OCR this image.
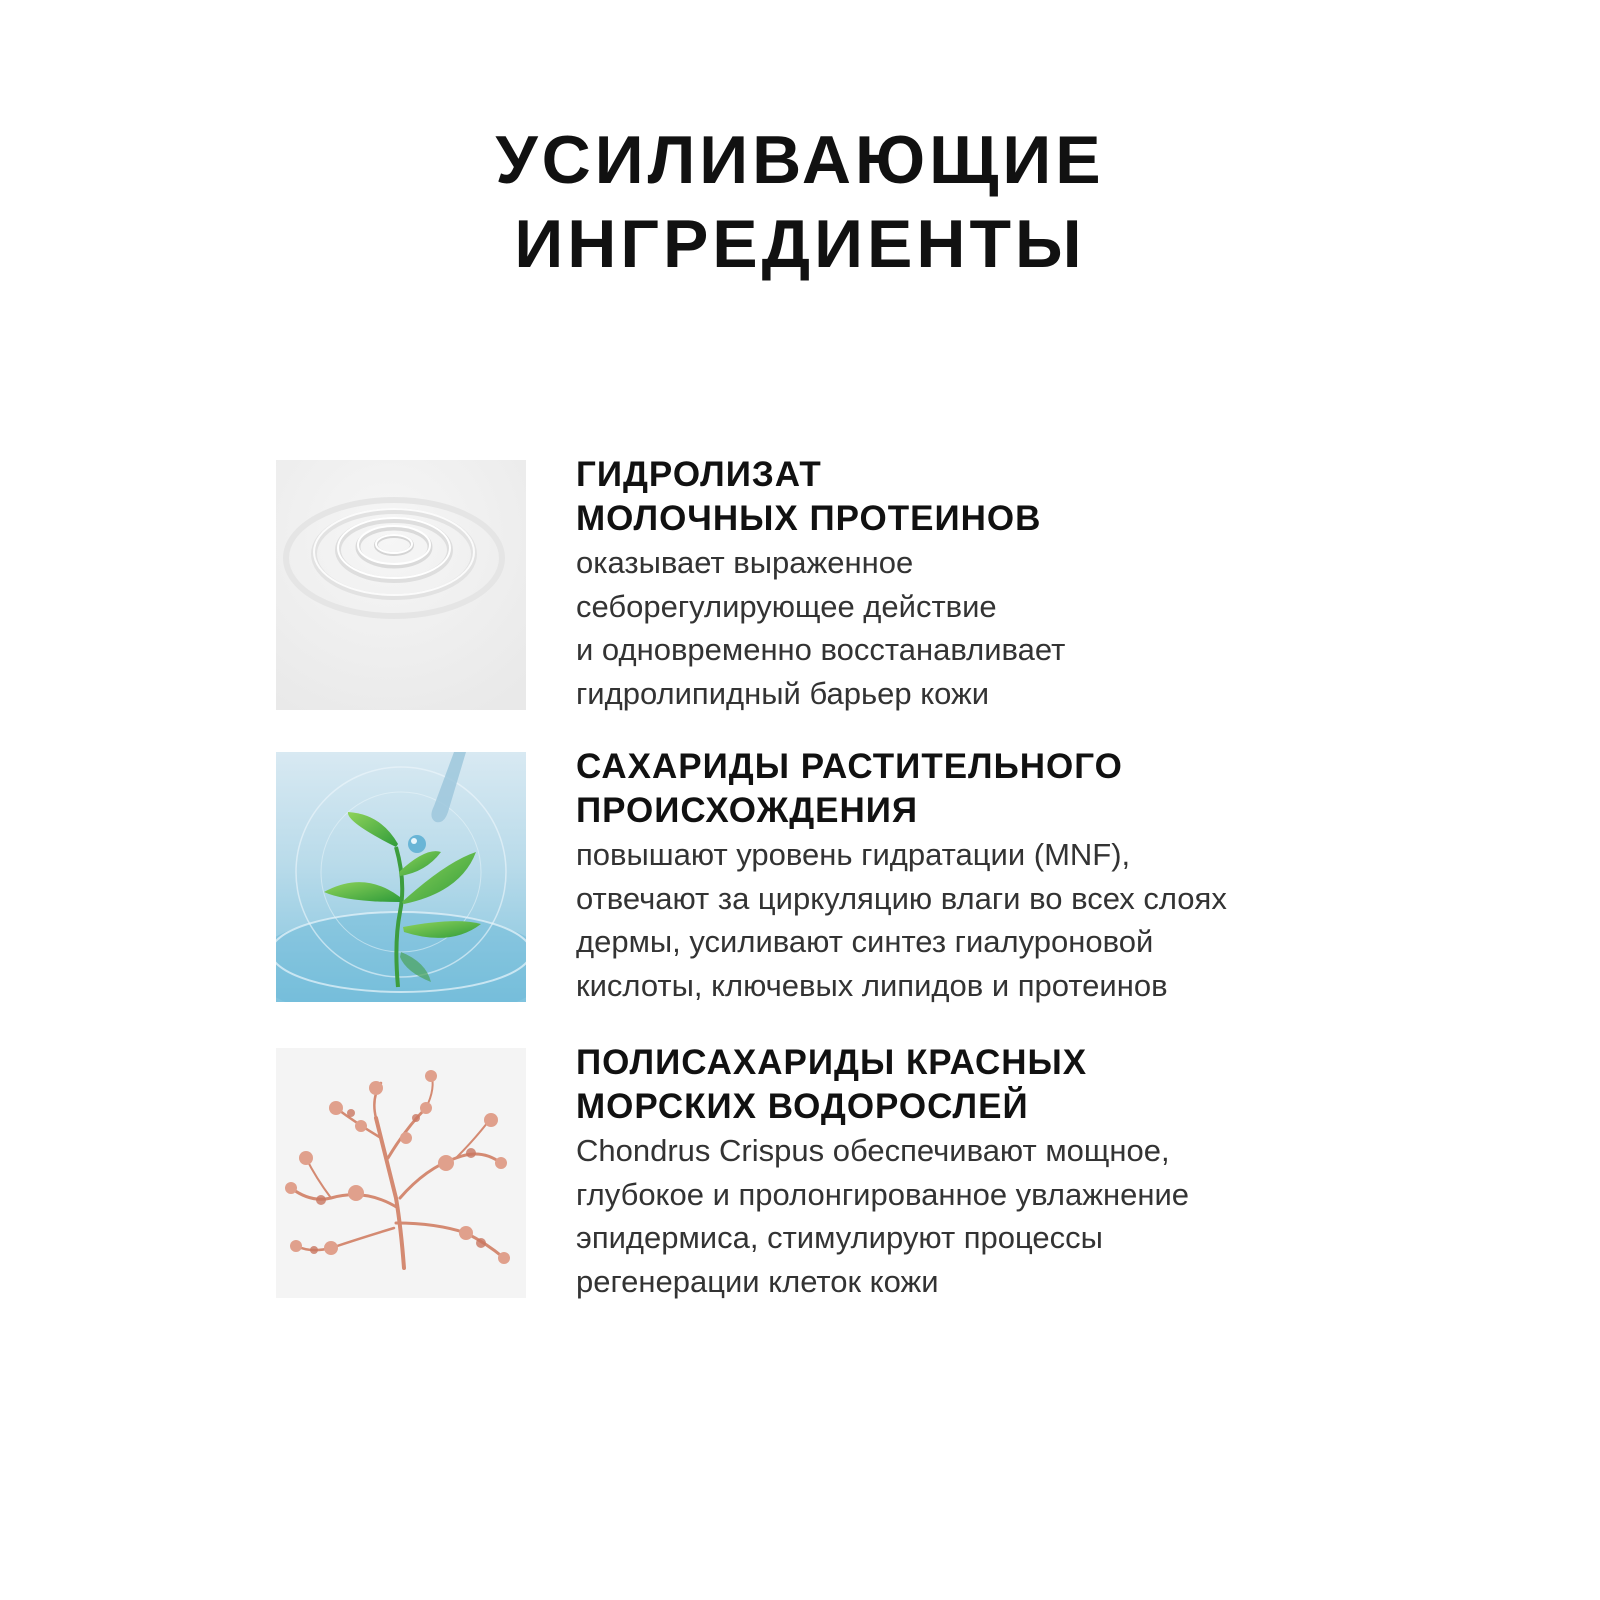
УСИЛИВАЮЩИЕ
ИНГРЕДИЕНТЫ
ГИДРОЛИЗАТ
МОЛОЧНЫХ ПРОТЕИНОВ
оказывает выраженное
себорегулирующее действие
и одновременно восстанавливает
гидролипидный барьер кожи
САХАРИДЫ РАСТИТЕЛЬНОГО
ПРОИСХОЖДЕНИЯ
повышают уровень гидратации (MNF),
отвечают за циркуляцию влаги во всех слоях
дермы, усиливают синтез гиалуроновой
кислоты, ключевых липидов и протеинов
ПОЛИСАХАРИДЫ КРАСНЫХ
МОРСКИХ ВОДОРОСЛЕЙ
Chondrus Crispus обеспечивают мощное,
глубокое и пролонгированное увлажнение
эпидермиса, стимулируют процессы
регенерации клеток кожи
